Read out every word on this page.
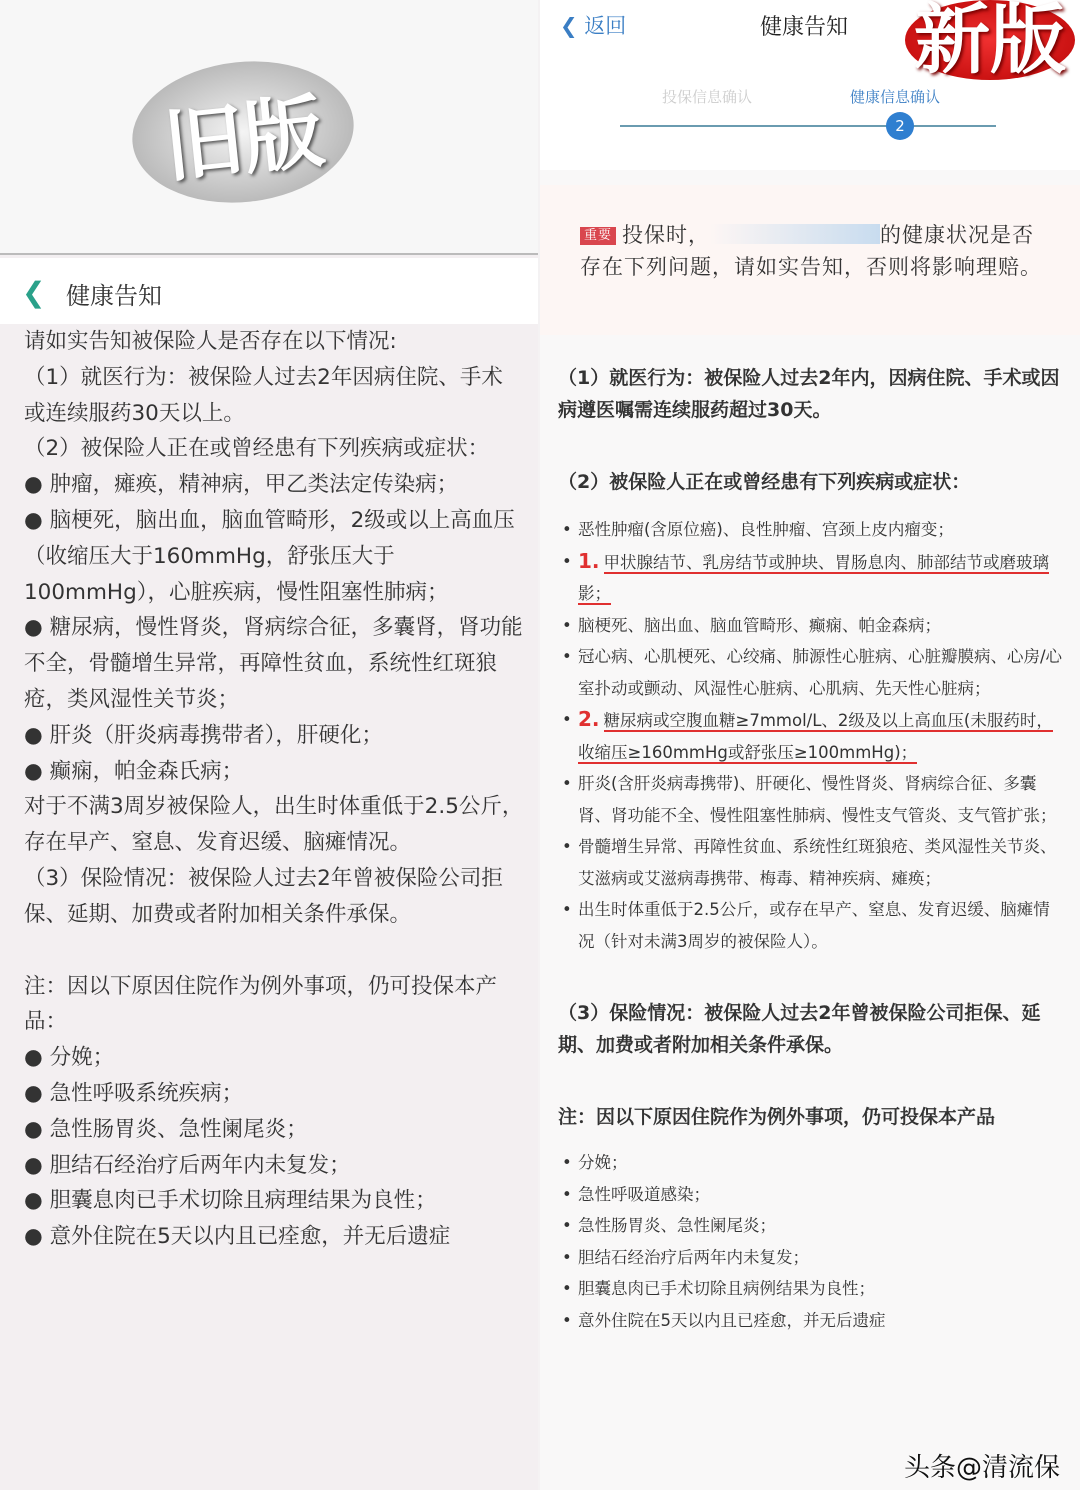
旧版
❮ 健康告知

请如实告知被保险人是否存在以下情况:

（1）就医行为：被保险人过去2年因病住院、手术或连续服药30天以上。

（2）被保险人正在或曾经患有下列疾病或症状：

● 肿瘤，瘫痪，精神病，甲乙类法定传染病；

● 脑梗死，脑出血，脑血管畸形，2级或以上高血压（收缩压大于160mmHg，舒张压大于100mmHg），心脏疾病，慢性阻塞性肺病；

● 糖尿病，慢性肾炎，肾病综合征，多囊肾，肾功能不全，骨髓增生异常，再障性贫血，系统性红斑狼疮，类风湿性关节炎；

● 肝炎（肝炎病毒携带者），肝硬化；

● 癫痫，帕金森氏病；

对于不满3周岁被保险人，出生时体重低于2.5公斤，存在早产、窒息、发育迟缓、脑瘫情况。

（3）保险情况：被保险人过去2年曾被保险公司拒保、延期、加费或者附加相关条件承保。

注：因以下原因住院作为例外事项，仍可投保本产品：

● 分娩；

● 急性呼吸系统疾病；

● 急性肠胃炎、急性阑尾炎；

● 胆结石经治疗后两年内未复发；

● 胆囊息肉已手术切除且病理结果为良性；

● 意外住院在5天以内且已痊愈，并无后遗症

❮ 返回	健康告知
投保信息确认	健康信息确认
2
新版

重要 投保时，	的健康状况是否存在下列问题，请如实告知，否则将影响理赔。

（1）就医行为：被保险人过去2年内，因病住院、手术或因病遵医嘱需连续服药超过30天。

（2）被保险人正在或曾经患有下列疾病或症状：

• 恶性肿瘤(含原位癌)、良性肿瘤、宫颈上皮内瘤变；

• 1. 甲状腺结节、乳房结节或肿块、胃肠息肉、肺部结节或磨玻璃影；

• 脑梗死、脑出血、脑血管畸形、癫痫、帕金森病；

• 冠心病、心肌梗死、心绞痛、肺源性心脏病、心脏瓣膜病、心房/心室扑动或颤动、风湿性心脏病、心肌病、先天性心脏病；

• 2. 糖尿病或空腹血糖≥7mmol/L、2级及以上高血压(未服药时，收缩压≥160mmHg或舒张压≥100mmHg)；

• 肝炎(含肝炎病毒携带)、肝硬化、慢性肾炎、肾病综合征、多囊肾、肾功能不全、慢性阻塞性肺病、慢性支气管炎、支气管扩张；

• 骨髓增生异常、再障性贫血、系统性红斑狼疮、类风湿性关节炎、艾滋病或艾滋病毒携带、梅毒、精神疾病、瘫痪；

• 出生时体重低于2.5公斤，或存在早产、窒息、发育迟缓、脑瘫情况（针对未满3周岁的被保险人）。

（3）保险情况：被保险人过去2年曾被保险公司拒保、延期、加费或者附加相关条件承保。

注：因以下原因住院作为例外事项，仍可投保本产品

• 分娩；

• 急性呼吸道感染；

• 急性肠胃炎、急性阑尾炎；

• 胆结石经治疗后两年内未复发；

• 胆囊息肉已手术切除且病例结果为良性；

• 意外住院在5天以内且已痊愈，并无后遗症

头条@清流保
